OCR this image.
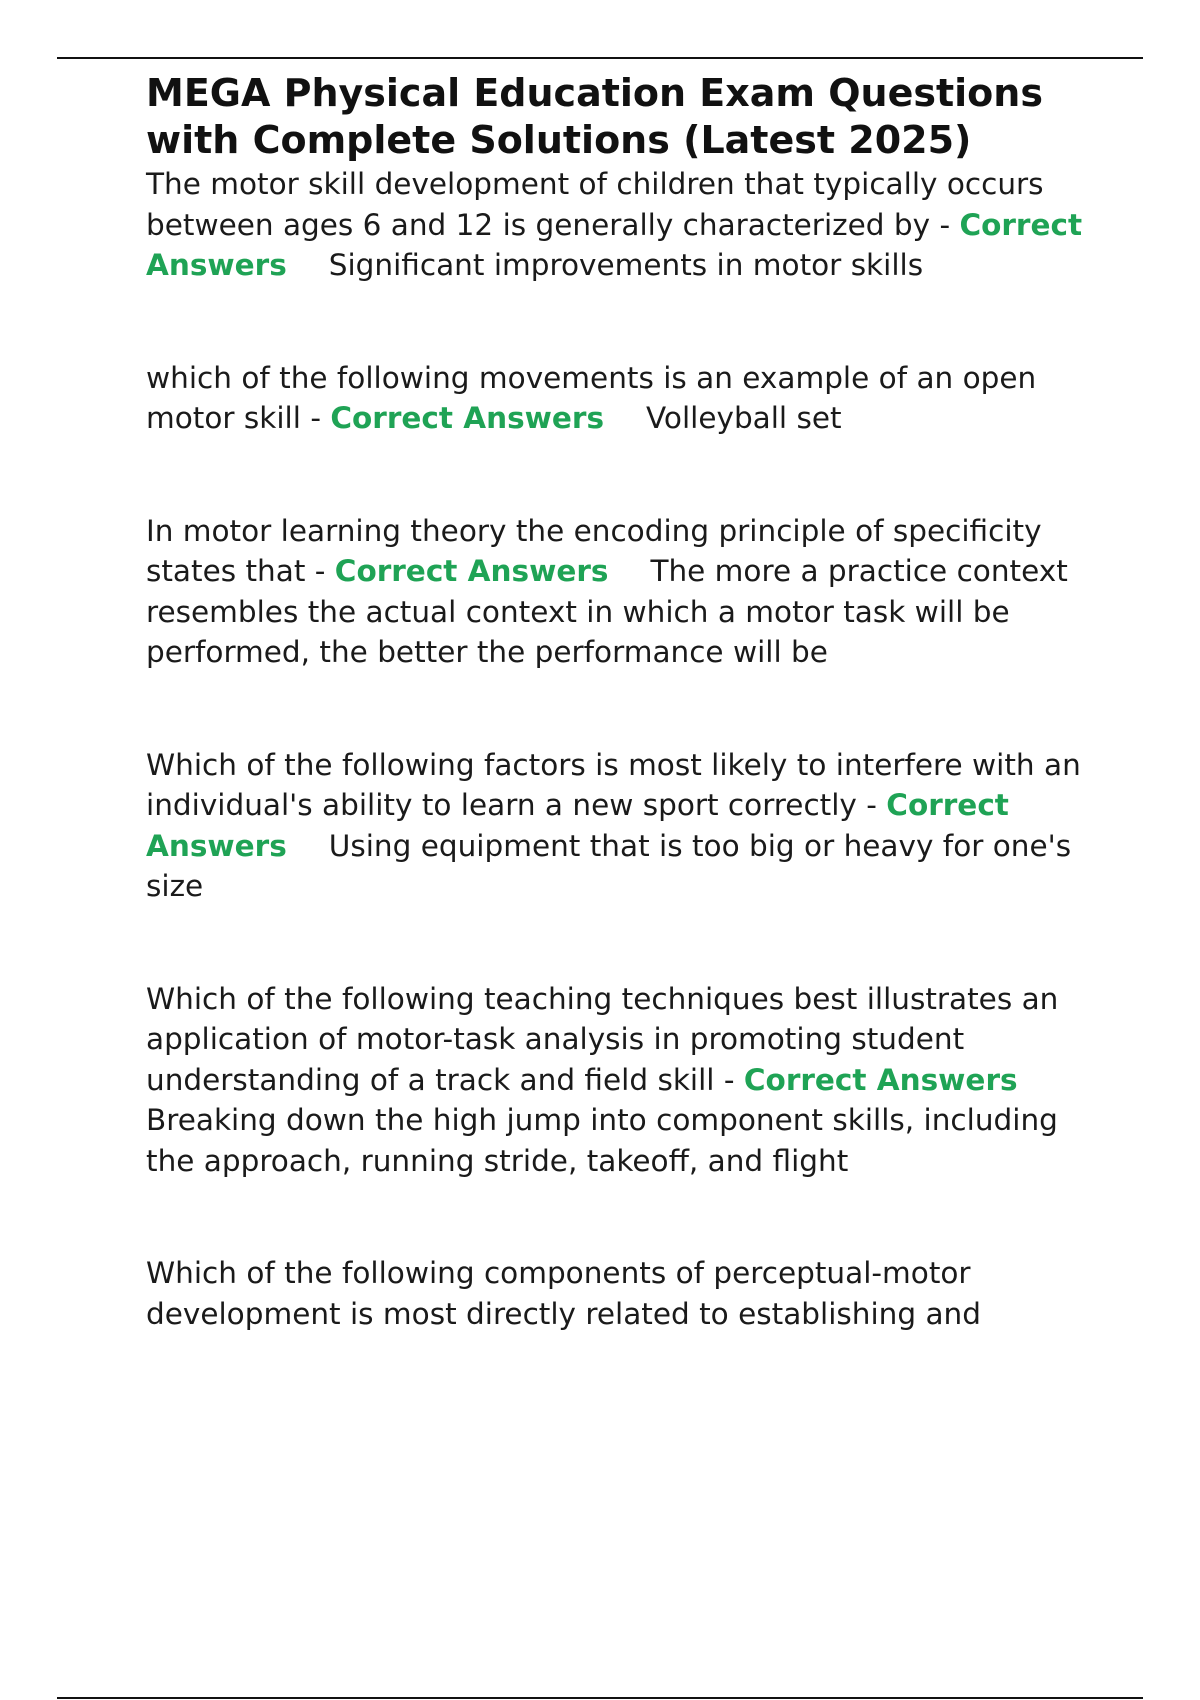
MEGA Physical Education Exam Questions with Complete Solutions (Latest 2025)

The motor skill development of children that typically occurs between ages 6 and 12 is generally characterized by - Correct Answers Significant improvements in motor skills

which of the following movements is an example of an open motor skill - Correct Answers Volleyball set

In motor learning theory the encoding principle of specificity states that - Correct Answers The more a practice context resembles the actual context in which a motor task will be performed, the better the performance will be

Which of the following factors is most likely to interfere with an individual's ability to learn a new sport correctly - Correct Answers Using equipment that is too big or heavy for one's size

Which of the following teaching techniques best illustrates an application of motor-task analysis in promoting student understanding of a track and field skill - Correct AnswersBreaking down the high jump into component skills, including the approach, running stride, takeoff, and flight

Which of the following components of perceptual-motor development is most directly related to establishing and
